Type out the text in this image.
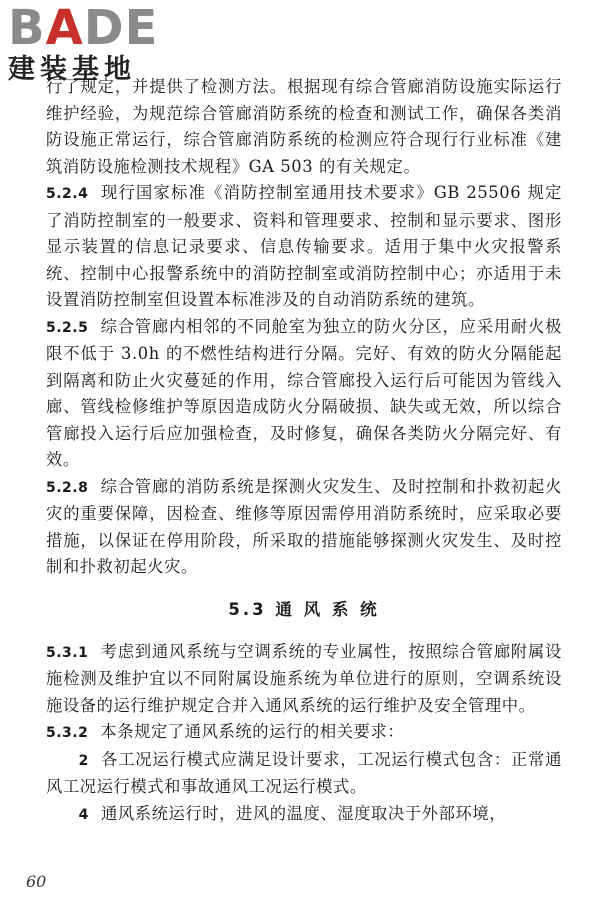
BADE
建装基地

行了规定，并提供了检测方法。根据现有综合管廊消防设施实际运行维护经验，为规范综合管廊消防系统的检查和测试工作，确保各类消防设施正常运行，综合管廊消防系统的检测应符合现行行业标准《建筑消防设施检测技术规程》GA 503 的有关规定。

5.2.4 现行国家标准《消防控制室通用技术要求》GB 25506 规定了消防控制室的一般要求、资料和管理要求、控制和显示要求、图形显示装置的信息记录要求、信息传输要求。适用于集中火灾报警系统、控制中心报警系统中的消防控制室或消防控制中心；亦适用于未设置消防控制室但设置本标准涉及的自动消防系统的建筑。

5.2.5 综合管廊内相邻的不同舱室为独立的防火分区，应采用耐火极限不低于 3.0h 的不燃性结构进行分隔。完好、有效的防火分隔能起到隔离和防止火灾蔓延的作用，综合管廊投入运行后可能因为管线入廊、管线检修维护等原因造成防火分隔破损、缺失或无效，所以综合管廊投入运行后应加强检查，及时修复，确保各类防火分隔完好、有效。

5.2.8 综合管廊的消防系统是探测火灾发生、及时控制和扑救初起火灾的重要保障，因检查、维修等原因需停用消防系统时，应采取必要措施，以保证在停用阶段，所采取的措施能够探测火灾发生、及时控制和扑救初起火灾。

5.3 通 风 系 统

5.3.1 考虑到通风系统与空调系统的专业属性，按照综合管廊附属设施检测及维护宜以不同附属设施系统为单位进行的原则，空调系统设施设备的运行维护规定合并入通风系统的运行维护及安全管理中。

5.3.2 本条规定了通风系统的运行的相关要求：

2 各工况运行模式应满足设计要求，工况运行模式包含：正常通风工况运行模式和事故通风工况运行模式。

4 通风系统运行时，进风的温度、湿度取决于外部环境，

60
